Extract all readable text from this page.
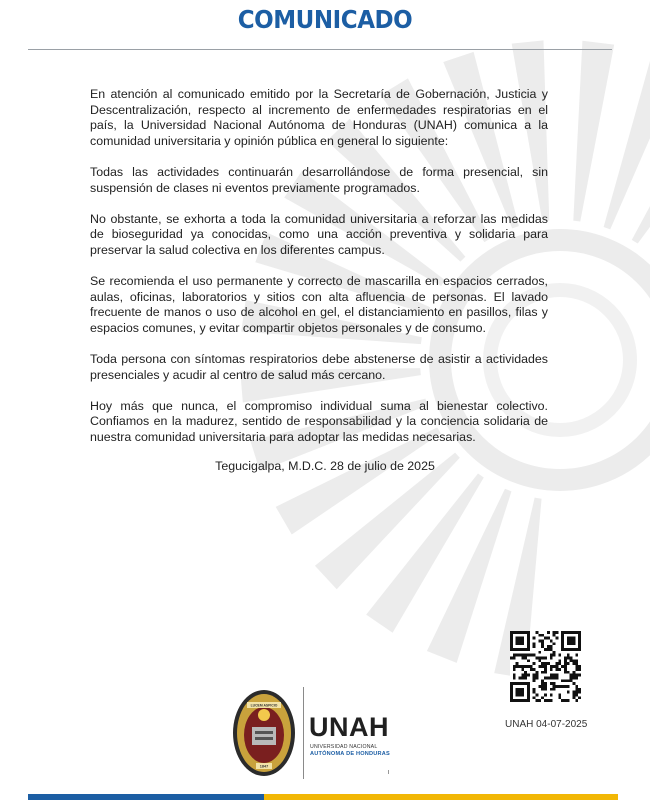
COMUNICADO

En atención al comunicado emitido por la Secretaría de Gobernación, Justicia y Descentralización, respecto al incremento de enfermedades respiratorias en el país, la Universidad Nacional Autónoma de Honduras (UNAH) comunica a la comunidad universitaria y opinión pública en general lo siguiente:

Todas las actividades continuarán desarrollándose de forma presencial, sin suspensión de clases ni eventos previamente programados.

No obstante, se exhorta a toda la comunidad universitaria a reforzar las medidas de bioseguridad ya conocidas, como una acción preventiva y solidaria para preservar la salud colectiva en los diferentes campus.

Se recomienda el uso permanente y correcto de mascarilla en espacios cerrados, aulas, oficinas, laboratorios y sitios con alta afluencia de personas. El lavado frecuente de manos o uso de alcohol en gel, el distanciamiento en pasillos, filas y espacios comunes, y evitar compartir objetos personales y de consumo.

Toda persona con síntomas respiratorios debe abstenerse de asistir a actividades presenciales y acudir al centro de salud más cercano.

Hoy más que nunca, el compromiso individual suma al bienestar colectivo. Confiamos en la madurez, sentido de responsabilidad y la conciencia solidaria de nuestra comunidad universitaria para adoptar las medidas necesarias.

Tegucigalpa, M.D.C. 28 de julio de 2025
UNAH 04-07-2025
LUCEM ASPICIO
1847
UNAH
UNIVERSIDAD NACIONAL
AUTÓNOMA DE HONDURAS
